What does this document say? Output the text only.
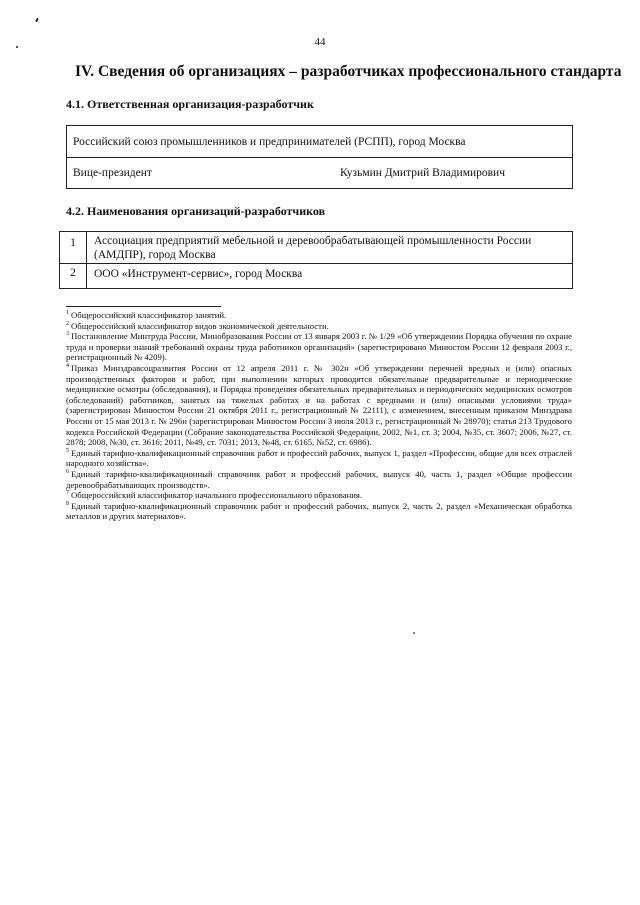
44
IV. Сведения об организациях – разработчиках профессионального стандарта
4.1. Ответственная организация-разработчик
Российский союз промышленников и предпринимателей (РСПП), город Москва
Вице-президент	Кузьмин Дмитрий Владимирович
4.2. Наименования организаций-разработчиков
1	Ассоциация предприятий мебельной и деревообрабатывающей промышленности России (АМДПР), город Москва
2	ООО «Инструмент-сервис», город Москва

$^1$ Общероссийский классификатор занятий.

$^2$ Общероссийский классификатор видов экономической деятельности.

$^3$ Постановление Минтруда России, Минобразования России от 13 января 2003 г. № 1/29 «Об утверждении Порядка обучения по охране труда и проверки знаний требований охраны труда работников организаций» (зарегистрировано Минюстом России 12 февраля 2003 г., регистрационный № 4209).

$^4$ Приказ Минздравсоцразвития России от 12 апреля 2011 г. № 302н «Об утверждении перечней вредных и (или) опасных производственных факторов и работ, при выполнении которых проводятся обязательные предварительные и периодические медицинские осмотры (обследования), и Порядка проведения обязательных предварительных и периодических медицинских осмотров (обследований) работников, занятых на тяжелых работах и на работах с вредными и (или) опасными условиями труда» (зарегистрирован Минюстом России 21 октября 2011 г., регистрационный № 22111), с изменением, внесенным приказом Минздрава России от 15 мая 2013 г. № 296н (зарегистрирован Минюстом России 3 июля 2013 г., регистрационный № 28970); статья 213 Трудового кодекса Российской Федерации (Собрание законодательства Российской Федерации, 2002, №1, ст. 3; 2004, №35, ст. 3607; 2006, №27, ст. 2878; 2008, №30, ст. 3616; 2011, №49, ст. 7031; 2013, №48, ст. 6165, №52, ст. 6986).

$^5$ Единый тарифно-квалификационный справочник работ и профессий рабочих, выпуск 1, раздел «Профессии, общие для всех отраслей народного хозяйства».

$^6$ Единый тарифно-квалификационный справочник работ и профессий рабочих, выпуск 40, часть 1, раздел «Общие профессии деревообрабатывающих производств».

$^7$ Общероссийский классификатор начального профессионального образования.

$^8$ Единый тарифно-квалификационный справочник работ и профессий рабочих, выпуск 2, часть 2, раздел «Механическая обработка металлов и других материалов».
